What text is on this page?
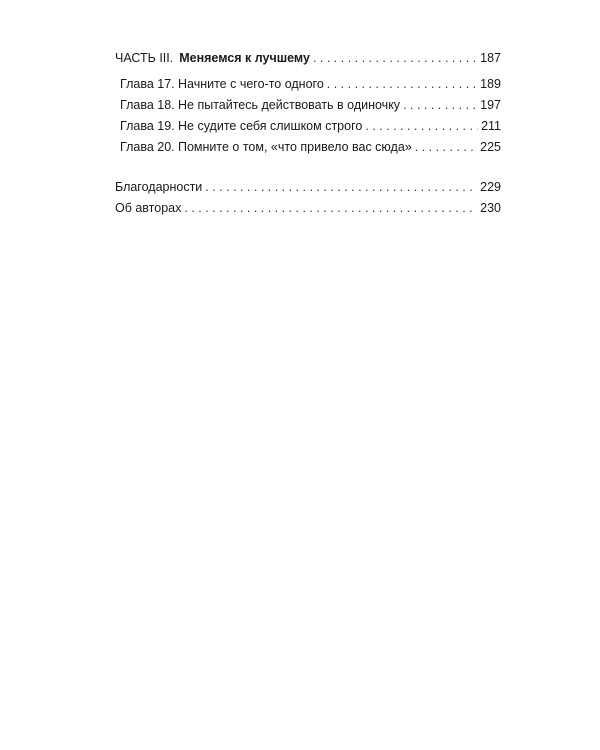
ЧАСТЬ III. Меняемся к лучшему . . .	187
Глава 17. Начните с чего-то одного . . .	189
Глава 18. Не пытайтесь действовать в одиночку . . .	197
Глава 19. Не судите себя слишком строго . . .	211
Глава 20. Помните о том, «что привело вас сюда» . . .	225
Благодарности . . .	229
Об авторах . . .	230
